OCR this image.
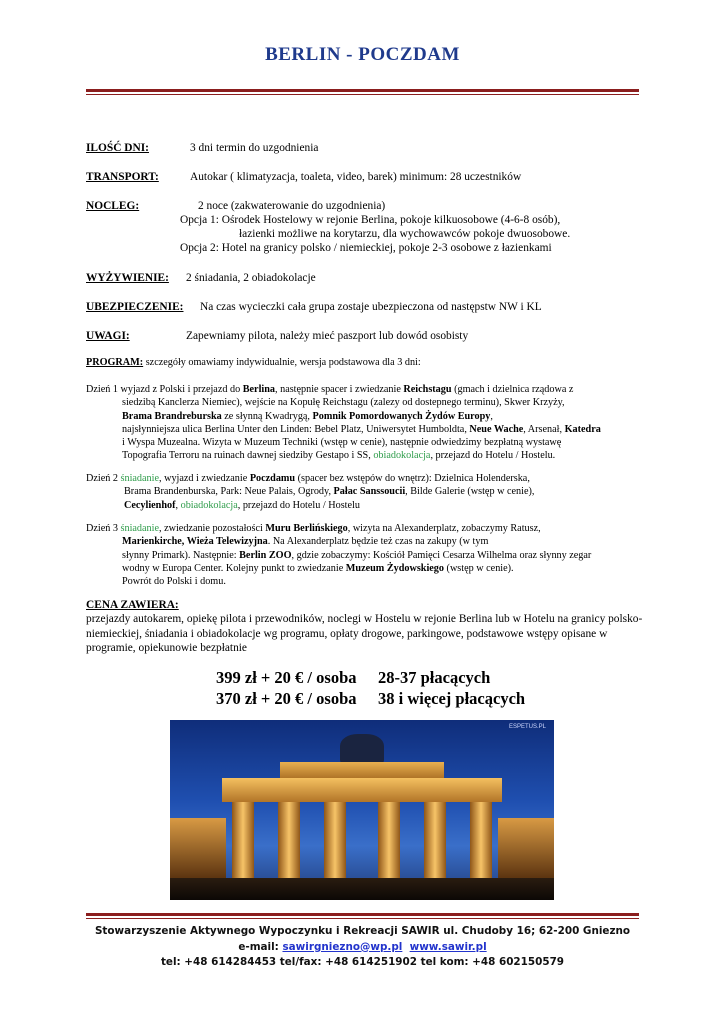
BERLIN - POCZDAM
ILOŚĆ DNI:	3 dni termin do uzgodnienia
TRANSPORT:	Autokar ( klimatyzacja, toaleta, video, barek) minimum: 28 uczestników
NOCLEG:	2 noce (zakwaterowanie do uzgodnienia)
Opcja 1: Ośrodek Hostelowy w rejonie Berlina, pokoje kilkuosobowe (4-6-8 osób),
łazienki możliwe na korytarzu, dla wychowawców pokoje dwuosobowe.
Opcja 2: Hotel na granicy polsko / niemieckiej, pokoje 2-3 osobowe z łazienkami
WYŻYWIENIE: 2 śniadania, 2 obiadokolacje
UBEZPIECZENIE: Na czas wycieczki cała grupa zostaje ubezpieczona od następstw NW i KL
UWAGI:	Zapewniamy pilota, należy mieć paszport lub dowód osobisty
PROGRAM: szczegóły omawiamy indywidualnie, wersja podstawowa dla 3 dni:
Dzień 1 wyjazd z Polski i przejazd do Berlina, następnie spacer i zwiedzanie Reichstagu (gmach i dzielnica rządowa z
siedzibą Kanclerza Niemiec), wejście na Kopułę Reichstagu (zalezy od dostepnego terminu), Skwer Krzyży,
Brama Brandreburska ze słynną Kwadrygą, Pomnik Pomordowanych Żydów Europy,
najsłynniejsza ulica Berlina Unter den Linden: Bebel Platz, Uniwersytet Humboldta, Neue Wache, Arsenał, Katedra
i Wyspa Muzealna. Wizyta w Muzeum Techniki (wstęp w cenie), następnie odwiedzimy bezpłatną wystawę
Topografia Terroru na ruinach dawnej siedziby Gestapo i SS, obiadokolacja, przejazd do Hotelu / Hostelu.
Dzień 2 śniadanie, wyjazd i zwiedzanie Poczdamu (spacer bez wstępów do wnętrz): Dzielnica Holenderska,
Brama Brandenburska, Park: Neue Palais, Ogrody, Pałac Sanssoucii, Bilde Galerie (wstęp w cenie),
Cecylienhof, obiadokolacja, przejazd do Hotelu / Hostelu
Dzień 3 śniadanie, zwiedzanie pozostałości Muru Berlińskiego, wizyta na Alexanderplatz, zobaczymy Ratusz,
Marienkirche, Wieża Telewizyjna. Na Alexanderplatz będzie też czas na zakupy (w tym
słynny Primark). Następnie: Berlin ZOO, gdzie zobaczymy: Kościół Pamięci Cesarza Wilhelma oraz słynny zegar
wodny w Europa Center. Kolejny punkt to zwiedzanie Muzeum Żydowskiego (wstęp w cenie).
Powrót do Polski i domu.
CENA ZAWIERA:
przejazdy autokarem, opiekę pilota i przewodników, noclegi w Hostelu w rejonie Berlina lub w Hotelu na granicy polsko-niemieckiej, śniadania i obiadokolacje wg programu, opłaty drogowe, parkingowe, podstawowe wstępy opisane w programie, opiekunowie bezpłatnie
399 zł + 20 € / osoba 28-37 płacących
370 zł + 20 € / osoba 38 i więcej płacących
ESPETUS.PL
Stowarzyszenie Aktywnego Wypoczynku i Rekreacji SAWIR ul. Chudoby 16; 62-200 Gniezno
e-mail: sawirgniezno@wp.pl www.sawir.pl
tel: +48 614284453 tel/fax: +48 614251902 tel kom: +48 602150579
